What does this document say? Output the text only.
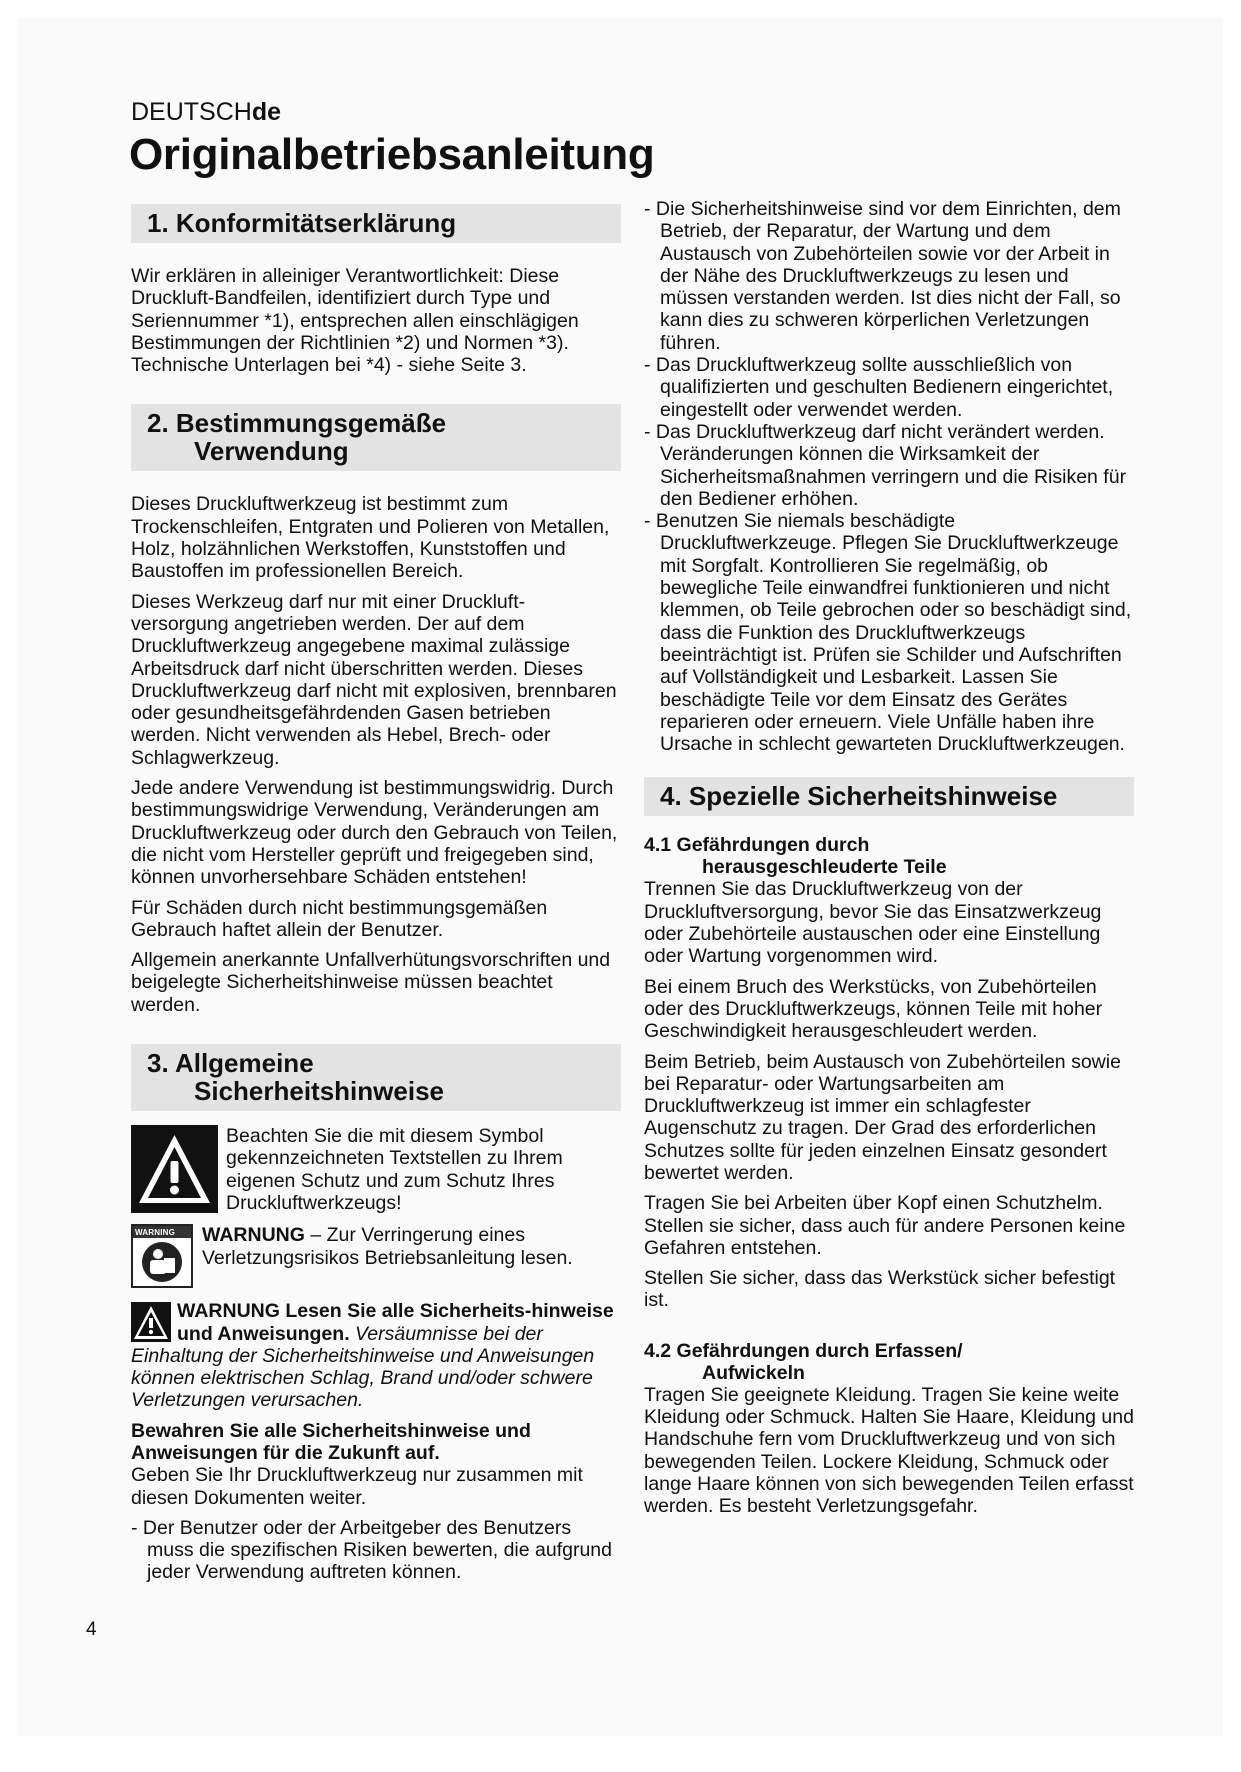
DEUTSCHde
Originalbetriebsanleitung
1. Konformitätserklärung

Wir erklären in alleiniger Verantwortlichkeit: Diese Druckluft-Bandfeilen, identifiziert durch Type und Seriennummer *1), entsprechen allen einschlägigen Bestimmungen der Richtlinien *2) und Normen *3). Technische Unterlagen bei *4) - siehe Seite 3.

2. Bestimmungsgemäße
Verwendung

Dieses Druckluftwerkzeug ist bestimmt zum Trockenschleifen, Entgraten und Polieren von Metallen, Holz, holzähnlichen Werkstoffen, Kunststoffen und Baustoffen im professionellen Bereich.

Dieses Werkzeug darf nur mit einer Druckluft-versorgung angetrieben werden. Der auf dem Druckluftwerkzeug angegebene maximal zulässige Arbeitsdruck darf nicht überschritten werden. Dieses Druckluftwerkzeug darf nicht mit explosiven, brennbaren oder gesundheitsgefährdenden Gasen betrieben werden. Nicht verwenden als Hebel, Brech- oder Schlagwerkzeug.

Jede andere Verwendung ist bestimmungswidrig. Durch bestimmungswidrige Verwendung, Veränderungen am Druckluftwerkzeug oder durch den Gebrauch von Teilen, die nicht vom Hersteller geprüft und freigegeben sind, können unvorhersehbare Schäden entstehen!

Für Schäden durch nicht bestimmungsgemäßen Gebrauch haftet allein der Benutzer.

Allgemein anerkannte Unfallverhütungsvorschriften und beigelegte Sicherheitshinweise müssen beachtet werden.

3. Allgemeine
Sicherheitshinweise

Beachten Sie die mit diesem Symbol gekennzeichneten Textstellen zu Ihrem eigenen Schutz und zum Schutz Ihres Druckluftwerkzeugs!

WARNING WARNUNG – Zur Verringerung eines Verletzungsrisikos Betriebsanleitung lesen.

WARNUNG Lesen Sie alle Sicherheits-hinweise und Anweisungen. Versäumnisse bei der Einhaltung der Sicherheitshinweise und Anweisungen können elektrischen Schlag, Brand und/oder schwere Verletzungen verursachen.

Bewahren Sie alle Sicherheitshinweise und Anweisungen für die Zukunft auf.

Geben Sie Ihr Druckluftwerkzeug nur zusammen mit diesen Dokumenten weiter.

- Der Benutzer oder der Arbeitgeber des Benutzers muss die spezifischen Risiken bewerten, die aufgrund jeder Verwendung auftreten können.

- Die Sicherheitshinweise sind vor dem Einrichten, dem Betrieb, der Reparatur, der Wartung und dem Austausch von Zubehörteilen sowie vor der Arbeit in der Nähe des Druckluftwerkzeugs zu lesen und müssen verstanden werden. Ist dies nicht der Fall, so kann dies zu schweren körperlichen Verletzungen führen.

- Das Druckluftwerkzeug sollte ausschließlich von qualifizierten und geschulten Bedienern eingerichtet, eingestellt oder verwendet werden.

- Das Druckluftwerkzeug darf nicht verändert werden. Veränderungen können die Wirksamkeit der Sicherheitsmaßnahmen verringern und die Risiken für den Bediener erhöhen.

- Benutzen Sie niemals beschädigte Druckluftwerkzeuge. Pflegen Sie Druckluftwerkzeuge mit Sorgfalt. Kontrollieren Sie regelmäßig, ob bewegliche Teile einwandfrei funktionieren und nicht klemmen, ob Teile gebrochen oder so beschädigt sind, dass die Funktion des Druckluftwerkzeugs beeinträchtigt ist. Prüfen sie Schilder und Aufschriften auf Vollständigkeit und Lesbarkeit. Lassen Sie beschädigte Teile vor dem Einsatz des Gerätes reparieren oder erneuern. Viele Unfälle haben ihre Ursache in schlecht gewarteten Druckluftwerkzeugen.

4. Spezielle Sicherheitshinweise
4.1 Gefährdungen durch
herausgeschleuderte Teile

Trennen Sie das Druckluftwerkzeug von der Druckluftversorgung, bevor Sie das Einsatzwerkzeug oder Zubehörteile austauschen oder eine Einstellung oder Wartung vorgenommen wird.

Bei einem Bruch des Werkstücks, von Zubehörteilen oder des Druckluftwerkzeugs, können Teile mit hoher Geschwindigkeit herausgeschleudert werden.

Beim Betrieb, beim Austausch von Zubehörteilen sowie bei Reparatur- oder Wartungsarbeiten am Druckluftwerkzeug ist immer ein schlagfester Augenschutz zu tragen. Der Grad des erforderlichen Schutzes sollte für jeden einzelnen Einsatz gesondert bewertet werden.

Tragen Sie bei Arbeiten über Kopf einen Schutzhelm. Stellen sie sicher, dass auch für andere Personen keine Gefahren entstehen.

Stellen Sie sicher, dass das Werkstück sicher befestigt ist.

4.2 Gefährdungen durch Erfassen/
Aufwickeln

Tragen Sie geeignete Kleidung. Tragen Sie keine weite Kleidung oder Schmuck. Halten Sie Haare, Kleidung und Handschuhe fern vom Druckluftwerkzeug und von sich bewegenden Teilen. Lockere Kleidung, Schmuck oder lange Haare können von sich bewegenden Teilen erfasst werden. Es besteht Verletzungsgefahr.

4
